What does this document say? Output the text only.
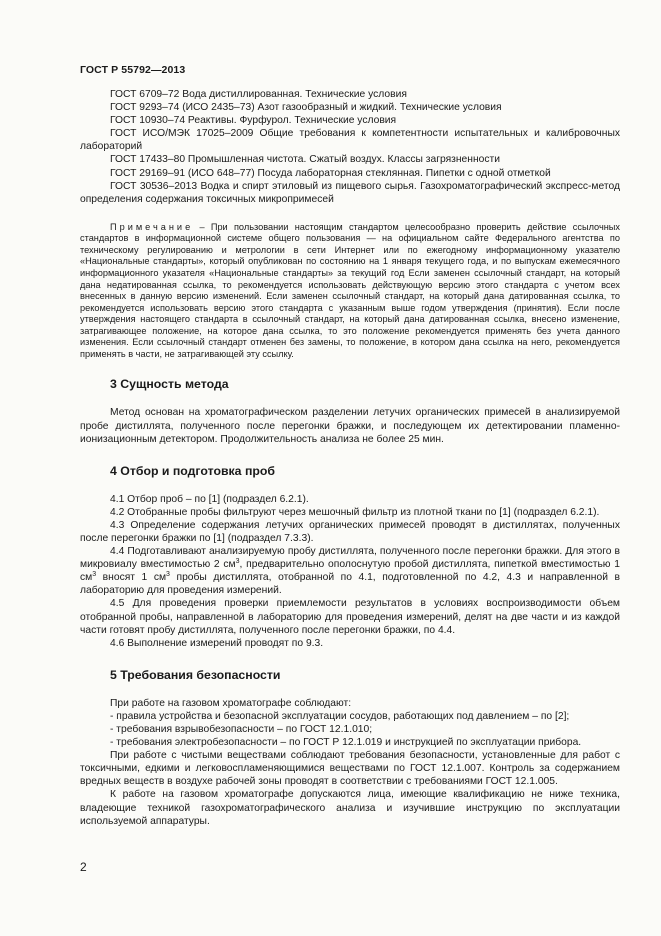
ГОСТ Р 55792—2013

ГОСТ 6709–72 Вода дистиллированная. Технические условия

ГОСТ 9293–74 (ИСО 2435–73) Азот газообразный и жидкий. Технические условия

ГОСТ 10930–74 Реактивы. Фурфурол. Технические условия

ГОСТ ИСО/МЭК 17025–2009 Общие требования к компетентности испытательных и калибровочных лабораторий

ГОСТ 17433–80 Промышленная чистота. Сжатый воздух. Классы загрязненности

ГОСТ 29169–91 (ИСО 648–77) Посуда лабораторная стеклянная. Пипетки с одной отметкой

ГОСТ 30536–2013 Водка и спирт этиловый из пищевого сырья. Газохроматографический экспресс-метод определения содержания токсичных микропримесей

Примечание – При пользовании настоящим стандартом целесообразно проверить действие ссылочных стандартов в информационной системе общего пользования — на официальном сайте Федерального агентства по техническому регулированию и метрологии в сети Интернет или по ежегодному информационному указателю «Национальные стандарты», который опубликован по состоянию на 1 января текущего года, и по выпускам ежемесячного информационного указателя «Национальные стандарты» за текущий год Если заменен ссылочный стандарт, на который дана недатированная ссылка, то рекомендуется использовать действующую версию этого стандарта с учетом всех внесенных в данную версию изменений. Если заменен ссылочный стандарт, на который дана датированная ссылка, то рекомендуется использовать версию этого стандарта с указанным выше годом утверждения (принятия). Если после утверждения настоящего стандарта в ссылочный стандарт, на который дана датированная ссылка, внесено изменение, затрагивающее положение, на которое дана ссылка, то это положение рекомендуется применять без учета данного изменения. Если ссылочный стандарт отменен без замены, то положение, в котором дана ссылка на него, рекомендуется применять в части, не затрагивающей эту ссылку.

3 Сущность метода

Метод основан на хроматографическом разделении летучих органических примесей в анализируемой пробе дистиллята, полученного после перегонки бражки, и последующем их детектировании пламенно-ионизационным детектором. Продолжительность анализа не более 25 мин.

4 Отбор и подготовка проб

4.1 Отбор проб – по [1] (подраздел 6.2.1).

4.2 Отобранные пробы фильтруют через мешочный фильтр из плотной ткани по [1] (подраздел 6.2.1).

4.3 Определение содержания летучих органических примесей проводят в дистиллятах, полученных после перегонки бражки по [1] (подраздел 7.3.3).

4.4 Подготавливают анализируемую пробу дистиллята, полученного после перегонки бражки. Для этого в микровиалу вместимостью 2 $см^3$, предварительно ополоснутую пробой дистиллята, пипеткой вместимостью 1 $см^3$ вносят 1 $см^3$ пробы дистиллята, отобранной по 4.1, подготовленной по 4.2, 4.3 и направленной в лабораторию для проведения измерений.

4.5 Для проведения проверки приемлемости результатов в условиях воспроизводимости объем отобранной пробы, направленной в лабораторию для проведения измерений, делят на две части и из каждой части готовят пробу дистиллята, полученного после перегонки бражки, по 4.4.

4.6 Выполнение измерений проводят по 9.3.

5 Требования безопасности

При работе на газовом хроматографе соблюдают:

- правила устройства и безопасной эксплуатации сосудов, работающих под давлением – по [2];

- требования взрывобезопасности – по ГОСТ 12.1.010;

- требования электробезопасности – по ГОСТ Р 12.1.019 и инструкцией по эксплуатации прибора.

При работе с чистыми веществами соблюдают требования безопасности, установленные для работ с токсичными, едкими и легковоспламеняющимися веществами по ГОСТ 12.1.007. Контроль за содержанием вредных веществ в воздухе рабочей зоны проводят в соответствии с требованиями ГОСТ 12.1.005.

К работе на газовом хроматографе допускаются лица, имеющие квалификацию не ниже техника, владеющие техникой газохроматографического анализа и изучившие инструкцию по эксплуатации используемой аппаратуры.

2
